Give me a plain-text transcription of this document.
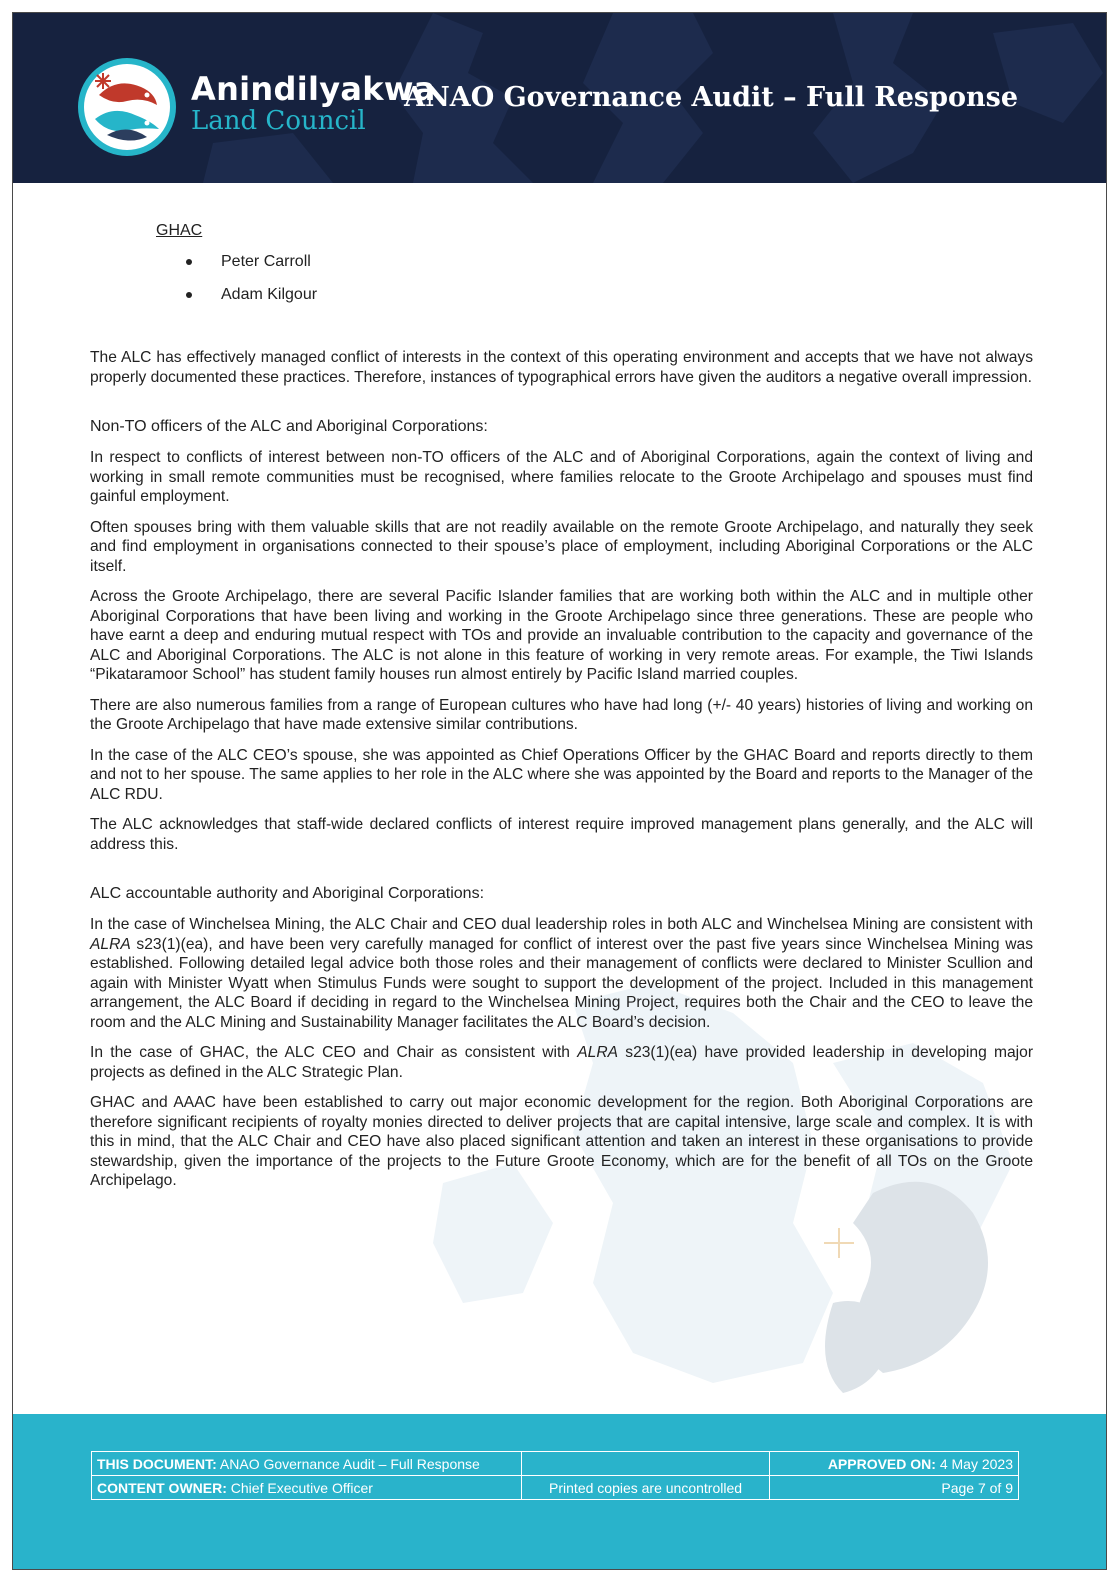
Anindilyakwa
Land Council
ANAO Governance Audit – Full Response
GHAC
Peter Carroll
Adam Kilgour

The ALC has effectively managed conflict of interests in the context of this operating environment and accepts that we have not always properly documented these practices. Therefore, instances of typographical errors have given the auditors a negative overall impression.

Non-TO officers of the ALC and Aboriginal Corporations:

In respect to conflicts of interest between non-TO officers of the ALC and of Aboriginal Corporations, again the context of living and working in small remote communities must be recognised, where families relocate to the Groote Archipelago and spouses must find gainful employment.

Often spouses bring with them valuable skills that are not readily available on the remote Groote Archipelago, and naturally they seek and find employment in organisations connected to their spouse’s place of employment, including Aboriginal Corporations or the ALC itself.

Across the Groote Archipelago, there are several Pacific Islander families that are working both within the ALC and in multiple other Aboriginal Corporations that have been living and working in the Groote Archipelago since three generations. These are people who have earnt a deep and enduring mutual respect with TOs and provide an invaluable contribution to the capacity and governance of the ALC and Aboriginal Corporations. The ALC is not alone in this feature of working in very remote areas. For example, the Tiwi Islands “Pikataramoor School” has student family houses run almost entirely by Pacific Island married couples.

There are also numerous families from a range of European cultures who have had long (+/- 40 years) histories of living and working on the Groote Archipelago that have made extensive similar contributions.

In the case of the ALC CEO’s spouse, she was appointed as Chief Operations Officer by the GHAC Board and reports directly to them and not to her spouse. The same applies to her role in the ALC where she was appointed by the Board and reports to the Manager of the ALC RDU.

The ALC acknowledges that staff-wide declared conflicts of interest require improved management plans generally, and the ALC will address this.

ALC accountable authority and Aboriginal Corporations:

In the case of Winchelsea Mining, the ALC Chair and CEO dual leadership roles in both ALC and Winchelsea Mining are consistent with ALRA s23(1)(ea), and have been very carefully managed for conflict of interest over the past five years since Winchelsea Mining was established. Following detailed legal advice both those roles and their management of conflicts were declared to Minister Scullion and again with Minister Wyatt when Stimulus Funds were sought to support the development of the project. Included in this management arrangement, the ALC Board if deciding in regard to the Winchelsea Mining Project, requires both the Chair and the CEO to leave the room and the ALC Mining and Sustainability Manager facilitates the ALC Board’s decision.

In the case of GHAC, the ALC CEO and Chair as consistent with ALRA s23(1)(ea) have provided leadership in developing major projects as defined in the ALC Strategic Plan.

GHAC and AAAC have been established to carry out major economic development for the region. Both Aboriginal Corporations are therefore significant recipients of royalty monies directed to deliver projects that are capital intensive, large scale and complex. It is with this in mind, that the ALC Chair and CEO have also placed significant attention and taken an interest in these organisations to provide stewardship, given the importance of the projects to the Future Groote Economy, which are for the benefit of all TOs on the Groote Archipelago.

THIS DOCUMENT: ANAO Governance Audit – Full Response		APPROVED ON: 4 May 2023
CONTENT OWNER: Chief Executive Officer	Printed copies are uncontrolled	Page 7 of 9
